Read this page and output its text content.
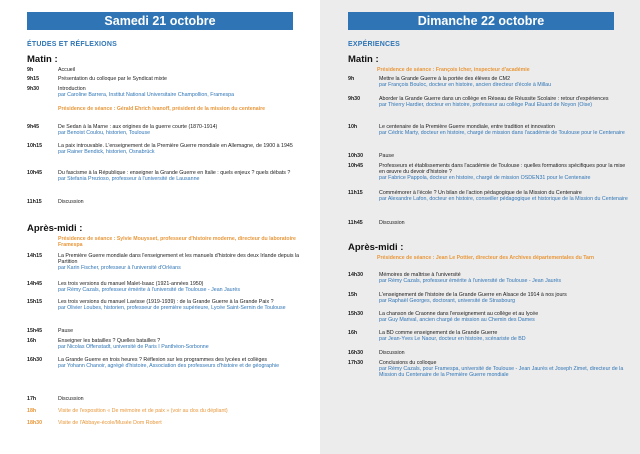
Samedi 21 octobre
ÉTUDES ET RÉFLEXIONS
Matin :
9h	Accueil
9h15	Présentation du colloque par le Syndicat mixte
9h30	Introduction
par Caroline Barrera, Institut National Universitaire Champollion, Framespa
Présidence de séance : Gérald Ehrich Ivanoff, président de la mission du centenaire
9h45	De Sedan à la Marne : aux origines de la guerre courte (1870-1914)
par Benoist Coulou, historien, Toulouse
10h15	La paix introuvable. L'enseignement de la Première Guerre mondiale en Allemagne, de 1900 à 1945
par Rainer Bendick, historien, Osnabrück
10h45	Du fascisme à la République : enseigner la Grande Guerre en Italie : quels enjeux ? quels débats ?
par Stefania Prezioso, professeur à l'université de Lausanne
11h15	Discussion
Après-midi :
Présidence de séance : Sylvie Mouysset, professeur d'histoire moderne, directeur du laboratoire Framespa
14h15	La Première Guerre mondiale dans l'enseignement et les manuels d'histoire des deux Irlande depuis la Partition
par Karin Fischer, professeur à l'université d'Orléans
14h45	Les trois versions du manuel Malet-Isaac (1921-années 1950)
par Rémy Cazals, professeur émérite à l'université de Toulouse - Jean Jaurès
15h15	Les trois versions du manuel Lavisse (1919-1939) : de la Grande Guerre à la Grande Paix ?
par Olivier Loubes, historien, professeur de première supérieure, Lycée Saint-Sernin de Toulouse
15h45	Pause
16h	Enseigner les batailles ? Quelles batailles ?
par Nicolas Offenstadt, université de Paris I Panthéon-Sorbonne
16h30	La Grande Guerre en trois heures ? Réflexion sur les programmes des lycées et collèges
par Yohann Chanoir, agrégé d'histoire, Association des professeurs d'histoire et de géographie
17h	Discussion
18h	Visite de l'exposition « De mémoire et de paix » (voir au dos du dépliant)
18h30	Visite de l'Abbaye-école/Musée Dom Robert
Dimanche 22 octobre
EXPÉRIENCES
Matin :
Présidence de séance : François Icher, inspecteur d'académie
9h	Mettre la Grande Guerre à la portée des élèves de CM2
par François Bouloc, docteur en histoire, ancien directeur d'école à Millau
9h30	Aborder la Grande Guerre dans un collège en Réseau de Réussite Scolaire : retour d'expériences
par Thierry Hardier, docteur en histoire, professeur au collège Paul Eluard de Noyon (Oise)
10h	Le centenaire de la Première Guerre mondiale, entre tradition et innovation
par Cédric Marty, docteur en histoire, chargé de mission dans l'académie de Toulouse pour le Centenaire
10h30	Pause
10h45	Professeurs et établissements dans l'académie de Toulouse : quelles formations spécifiques pour la mise en œuvre du devoir d'histoire ?
par Fabrice Pappola, docteur en histoire, chargé de mission OSDEN31 pour le Centenaire
11h15	Commémorer à l'école ? Un bilan de l'action pédagogique de la Mission du Centenaire
par Alexandre Lafon, docteur en histoire, conseiller pédagogique et historique de la Mission du Centenaire
11h45	Discussion
Après-midi :
Présidence de séance : Jean Le Pottier, directeur des Archives départementales du Tarn
14h30	Mémoires de maîtrise à l'université
par Rémy Cazals, professeur émérite à l'université de Toulouse - Jean Jaurès
15h	L'enseignement de l'histoire de la Grande Guerre en Alsace de 1914 à nos jours
par Raphaël Georges, doctorant, université de Strasbourg
15h30	La chanson de Craonne dans l'enseignement au collège et au lycée
par Guy Marival, ancien chargé de mission au Chemin des Dames
16h	La BD comme enseignement de la Grande Guerre
par Jean-Yves Le Naour, docteur en histoire, scénariste de BD
16h30	Discussion
17h30	Conclusions du colloque
par Rémy Cazals, pour Framespa, université de Toulouse - Jean Jaurès et Joseph Zimet, directeur de la Mission du Centenaire de la Première Guerre mondiale
